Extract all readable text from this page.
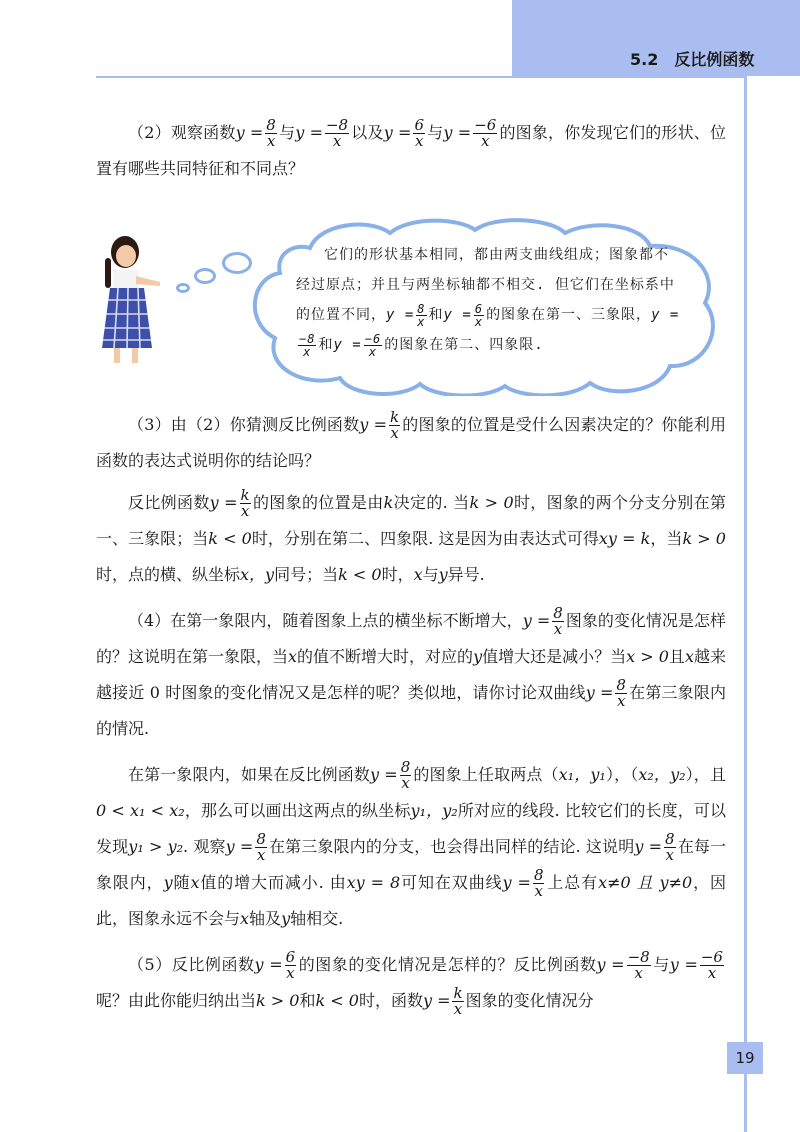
5.2　反比例函数
它们的形状基本相同，都由两支曲线组成；图象都不经过原点；并且与两坐标轴都不相交. 但它们在坐标系中的位置不同，$y = \frac{8}{x}$ 和$y = \frac{6}{x}$ 的图象在第一、三象限，y =
$\frac{-8}{x}$ 和$y = \frac{-6}{x}$ 的图象在第二、四象限.

（2）观察函数$y = \frac{8}{x}$ 与$y = \frac{-8}{x}$ 以及$y = \frac{6}{x}$ 与$y = \frac{-6}{x}$ 的图象，你发现它们的形状、位置有哪些共同特征和不同点？

（3）由（2）你猜测反比例函数$y = \frac{k}{x}$ 的图象的位置是受什么因素决定的？你能利用函数的表达式说明你的结论吗？

反比例函数$y = \frac{k}{x}$ 的图象的位置是由k决定的. 当k > 0时，图象的两个分支分别在第一、三象限；当k < 0时，分别在第二、四象限. 这是因为由表达式可得xy = k，当k > 0时，点的横、纵坐标x，y同号；当k < 0时，x与y异号.

（4）在第一象限内，随着图象上点的横坐标不断增大，$y = \frac{8}{x}$ 图象的变化情况是怎样的？这说明在第一象限，当x的值不断增大时，对应的y值增大还是减小？当x > 0且x越来越接近 0 时图象的变化情况又是怎样的呢？类似地，请你讨论双曲线$y = \frac{8}{x}$ 在第三象限内的情况.

在第一象限内，如果在反比例函数$y = \frac{8}{x}$ 的图象上任取两点（x₁，y₁），（x₂，y₂），且0 < x₁ < x₂，那么可以画出这两点的纵坐标y₁，y₂所对应的线段. 比较它们的长度，可以发现y₁ > y₂. 观察$y = \frac{8}{x}$ 在第三象限内的分支，也会得出同样的结论. 这说明$y = \frac{8}{x}$ 在每一象限内，y随x值的增大而减小. 由xy = 8可知在双曲线$y = \frac{8}{x}$ 上总有x≠0 且 y≠0，因此，图象永远不会与x轴及y轴相交.

（5）反比例函数$y = \frac{6}{x}$ 的图象的变化情况是怎样的？反比例函数$y = \frac{-8}{x}$ 与$y = \frac{-6}{x}$
呢？由此你能归纳出当k > 0和k < 0时，函数$y = \frac{k}{x}$ 图象的变化情况分

19
